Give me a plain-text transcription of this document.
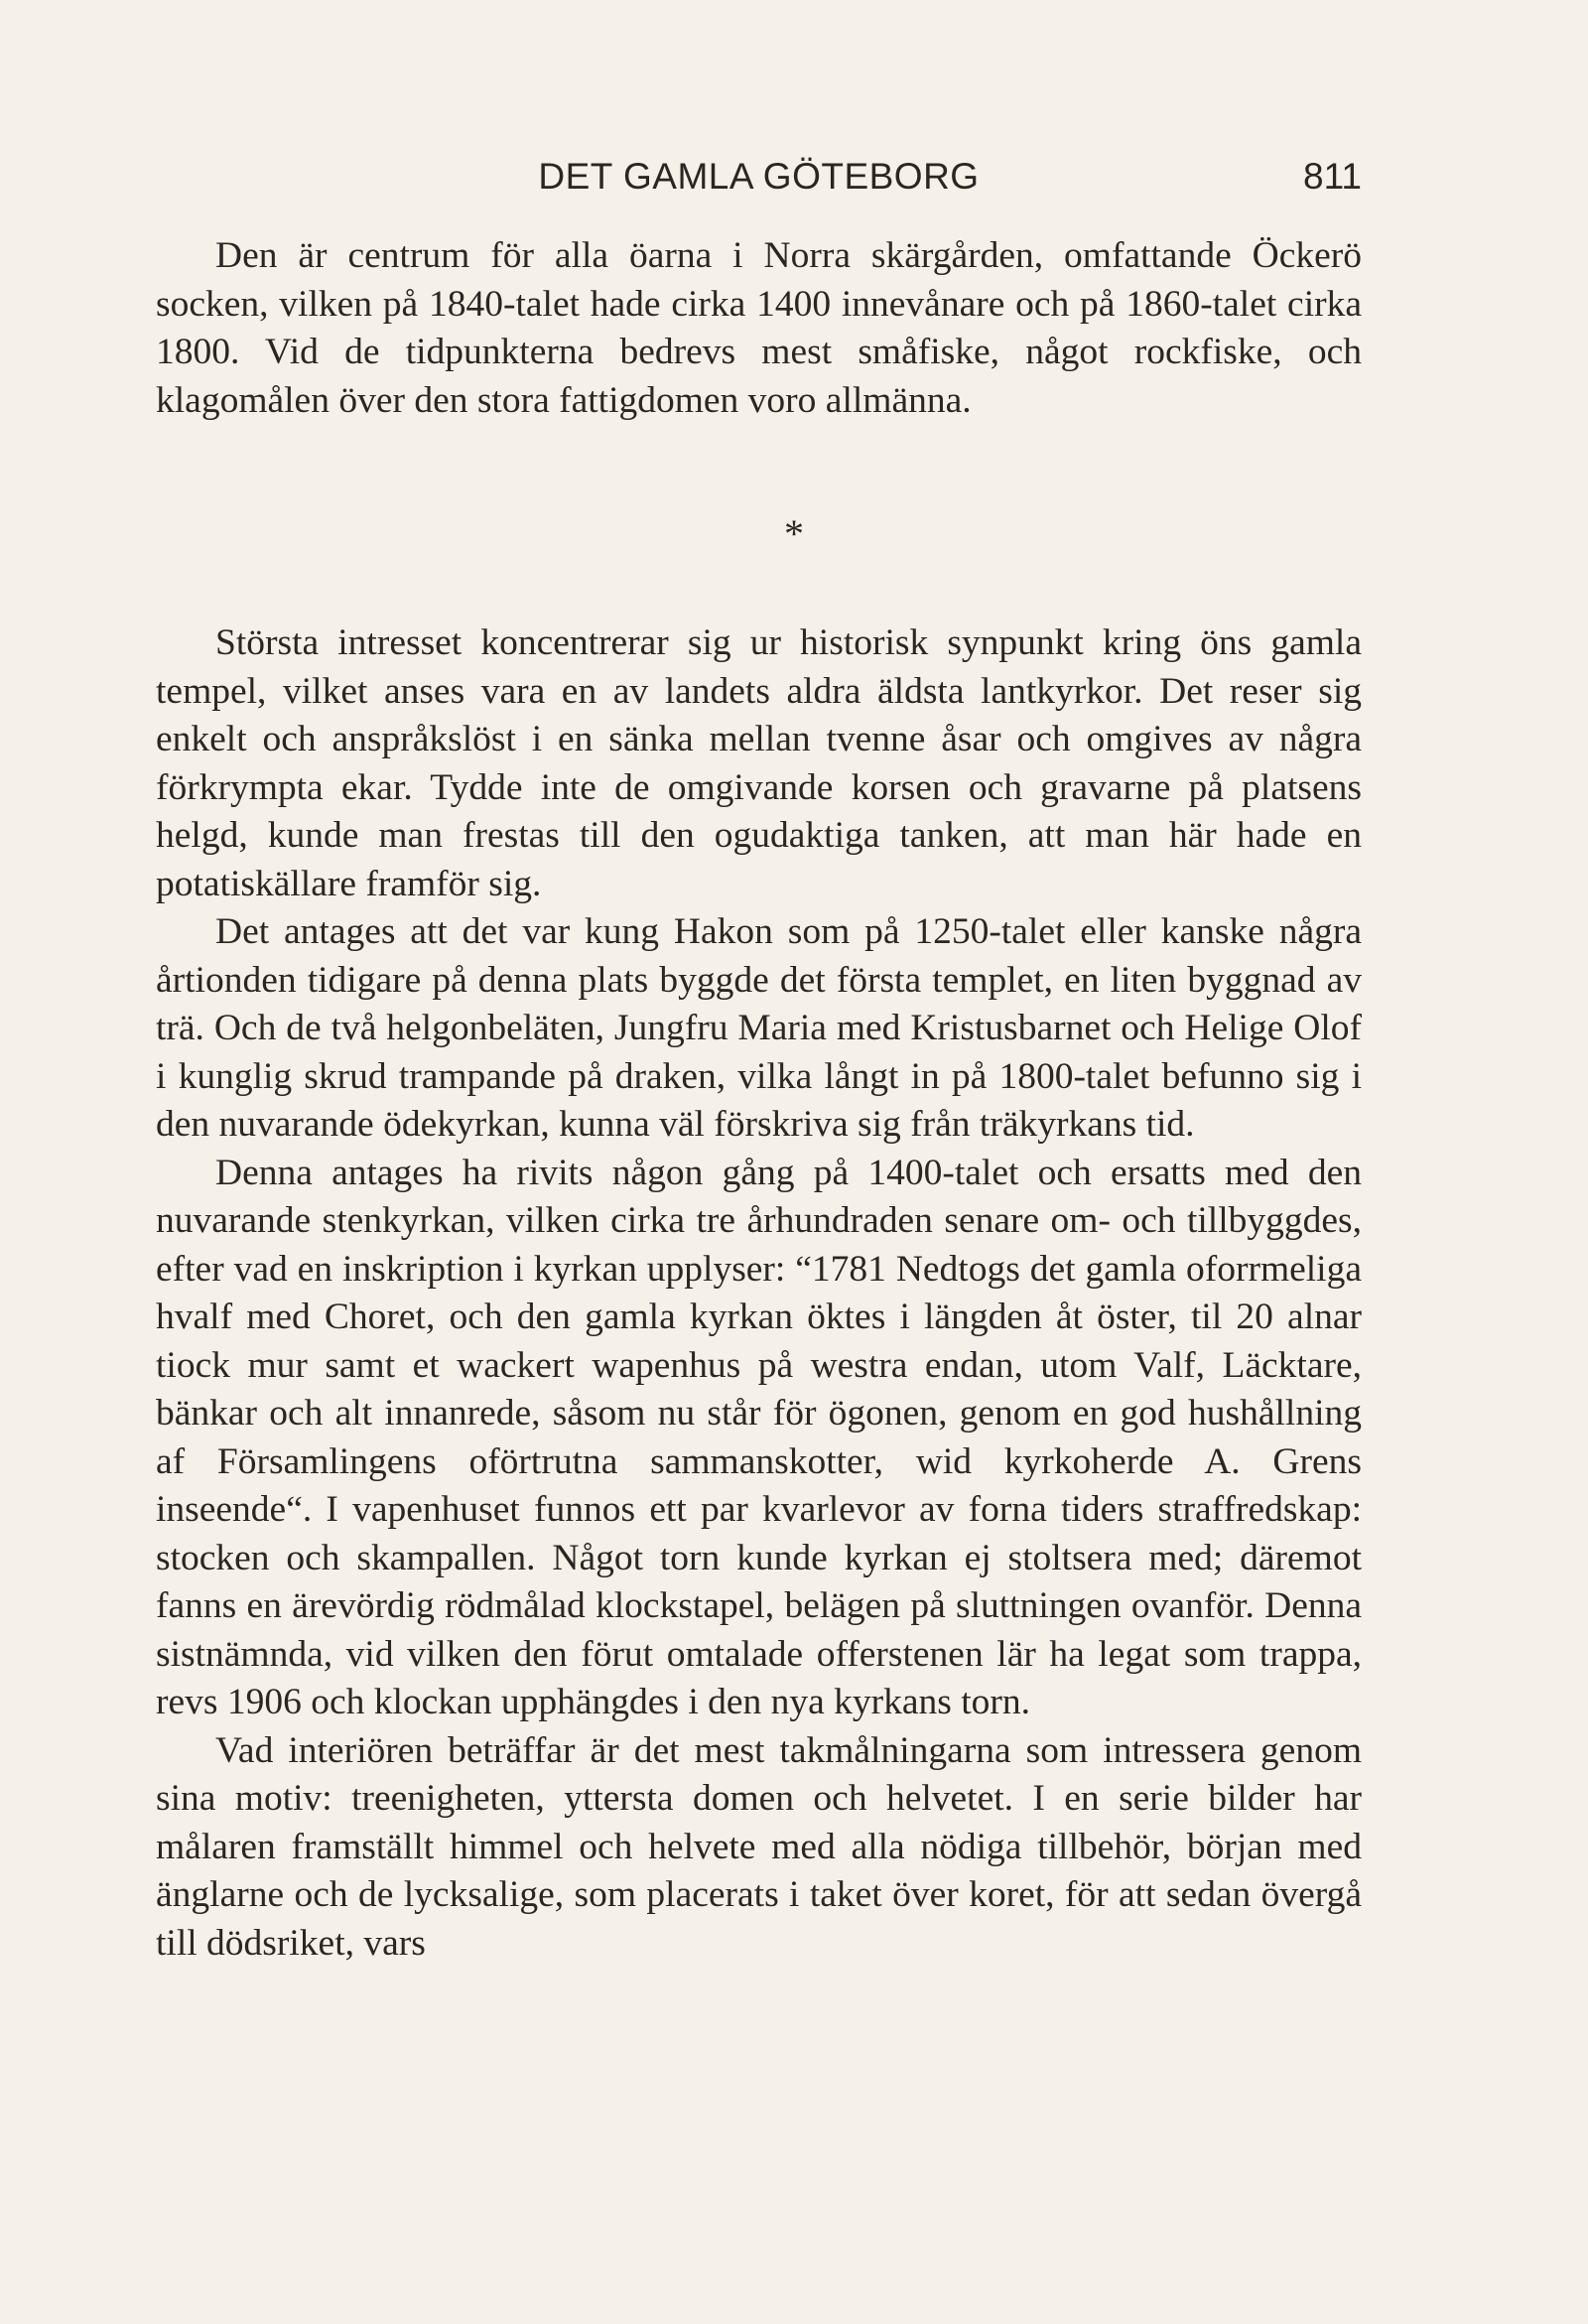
DET GAMLA GÖTEBORG	811

Den är centrum för alla öarna i Norra skärgården, omfattande Öckerö socken, vilken på 1840-talet hade cirka 1400 innevånare och på 1860-talet cirka 1800. Vid de tidpunkterna bedrevs mest småfiske, något rockfiske, och klagomålen över den stora fattigdomen voro allmänna.

*

Största intresset koncentrerar sig ur historisk synpunkt kring öns gamla tempel, vilket anses vara en av landets aldra äldsta lantkyrkor. Det reser sig enkelt och anspråkslöst i en sänka mellan tvenne åsar och omgives av några förkrympta ekar. Tydde inte de omgivande korsen och gravarne på platsens helgd, kunde man frestas till den ogudaktiga tanken, att man här hade en potatiskällare framför sig.

Det antages att det var kung Hakon som på 1250-talet eller kanske några årtionden tidigare på denna plats byggde det första templet, en liten byggnad av trä. Och de två helgonbeläten, Jungfru Maria med Kristusbarnet och Helige Olof i kunglig skrud trampande på draken, vilka långt in på 1800-talet befunno sig i den nuvarande ödekyrkan, kunna väl förskriva sig från träkyrkans tid.

Denna antages ha rivits någon gång på 1400-talet och ersatts med den nuvarande stenkyrkan, vilken cirka tre århundraden senare om- och tillbyggdes, efter vad en inskription i kyrkan upplyser: “1781 Nedtogs det gamla oforrmeliga hvalf med Choret, och den gamla kyrkan öktes i längden åt öster, til 20 alnar tiock mur samt et wackert wapenhus på westra endan, utom Valf, Läcktare, bänkar och alt innanrede, såsom nu står för ögonen, genom en god hushållning af Församlingens oförtrutna sammanskotter, wid kyrkoherde A. Grens inseende“. I vapenhuset funnos ett par kvarlevor av forna tiders straffredskap: stocken och skampallen. Något torn kunde kyrkan ej stoltsera med; däremot fanns en ärevördig rödmålad klockstapel, belägen på sluttningen ovanför. Denna sistnämnda, vid vilken den förut omtalade offerstenen lär ha legat som trappa, revs 1906 och klockan upphängdes i den nya kyrkans torn.

Vad interiören beträffar är det mest takmålningarna som intressera genom sina motiv: treenigheten, yttersta domen och helvetet. I en serie bilder har målaren framställt himmel och helvete med alla nödiga tillbehör, början med änglarne och de lycksalige, som placerats i taket över koret, för att sedan övergå till dödsriket, vars
